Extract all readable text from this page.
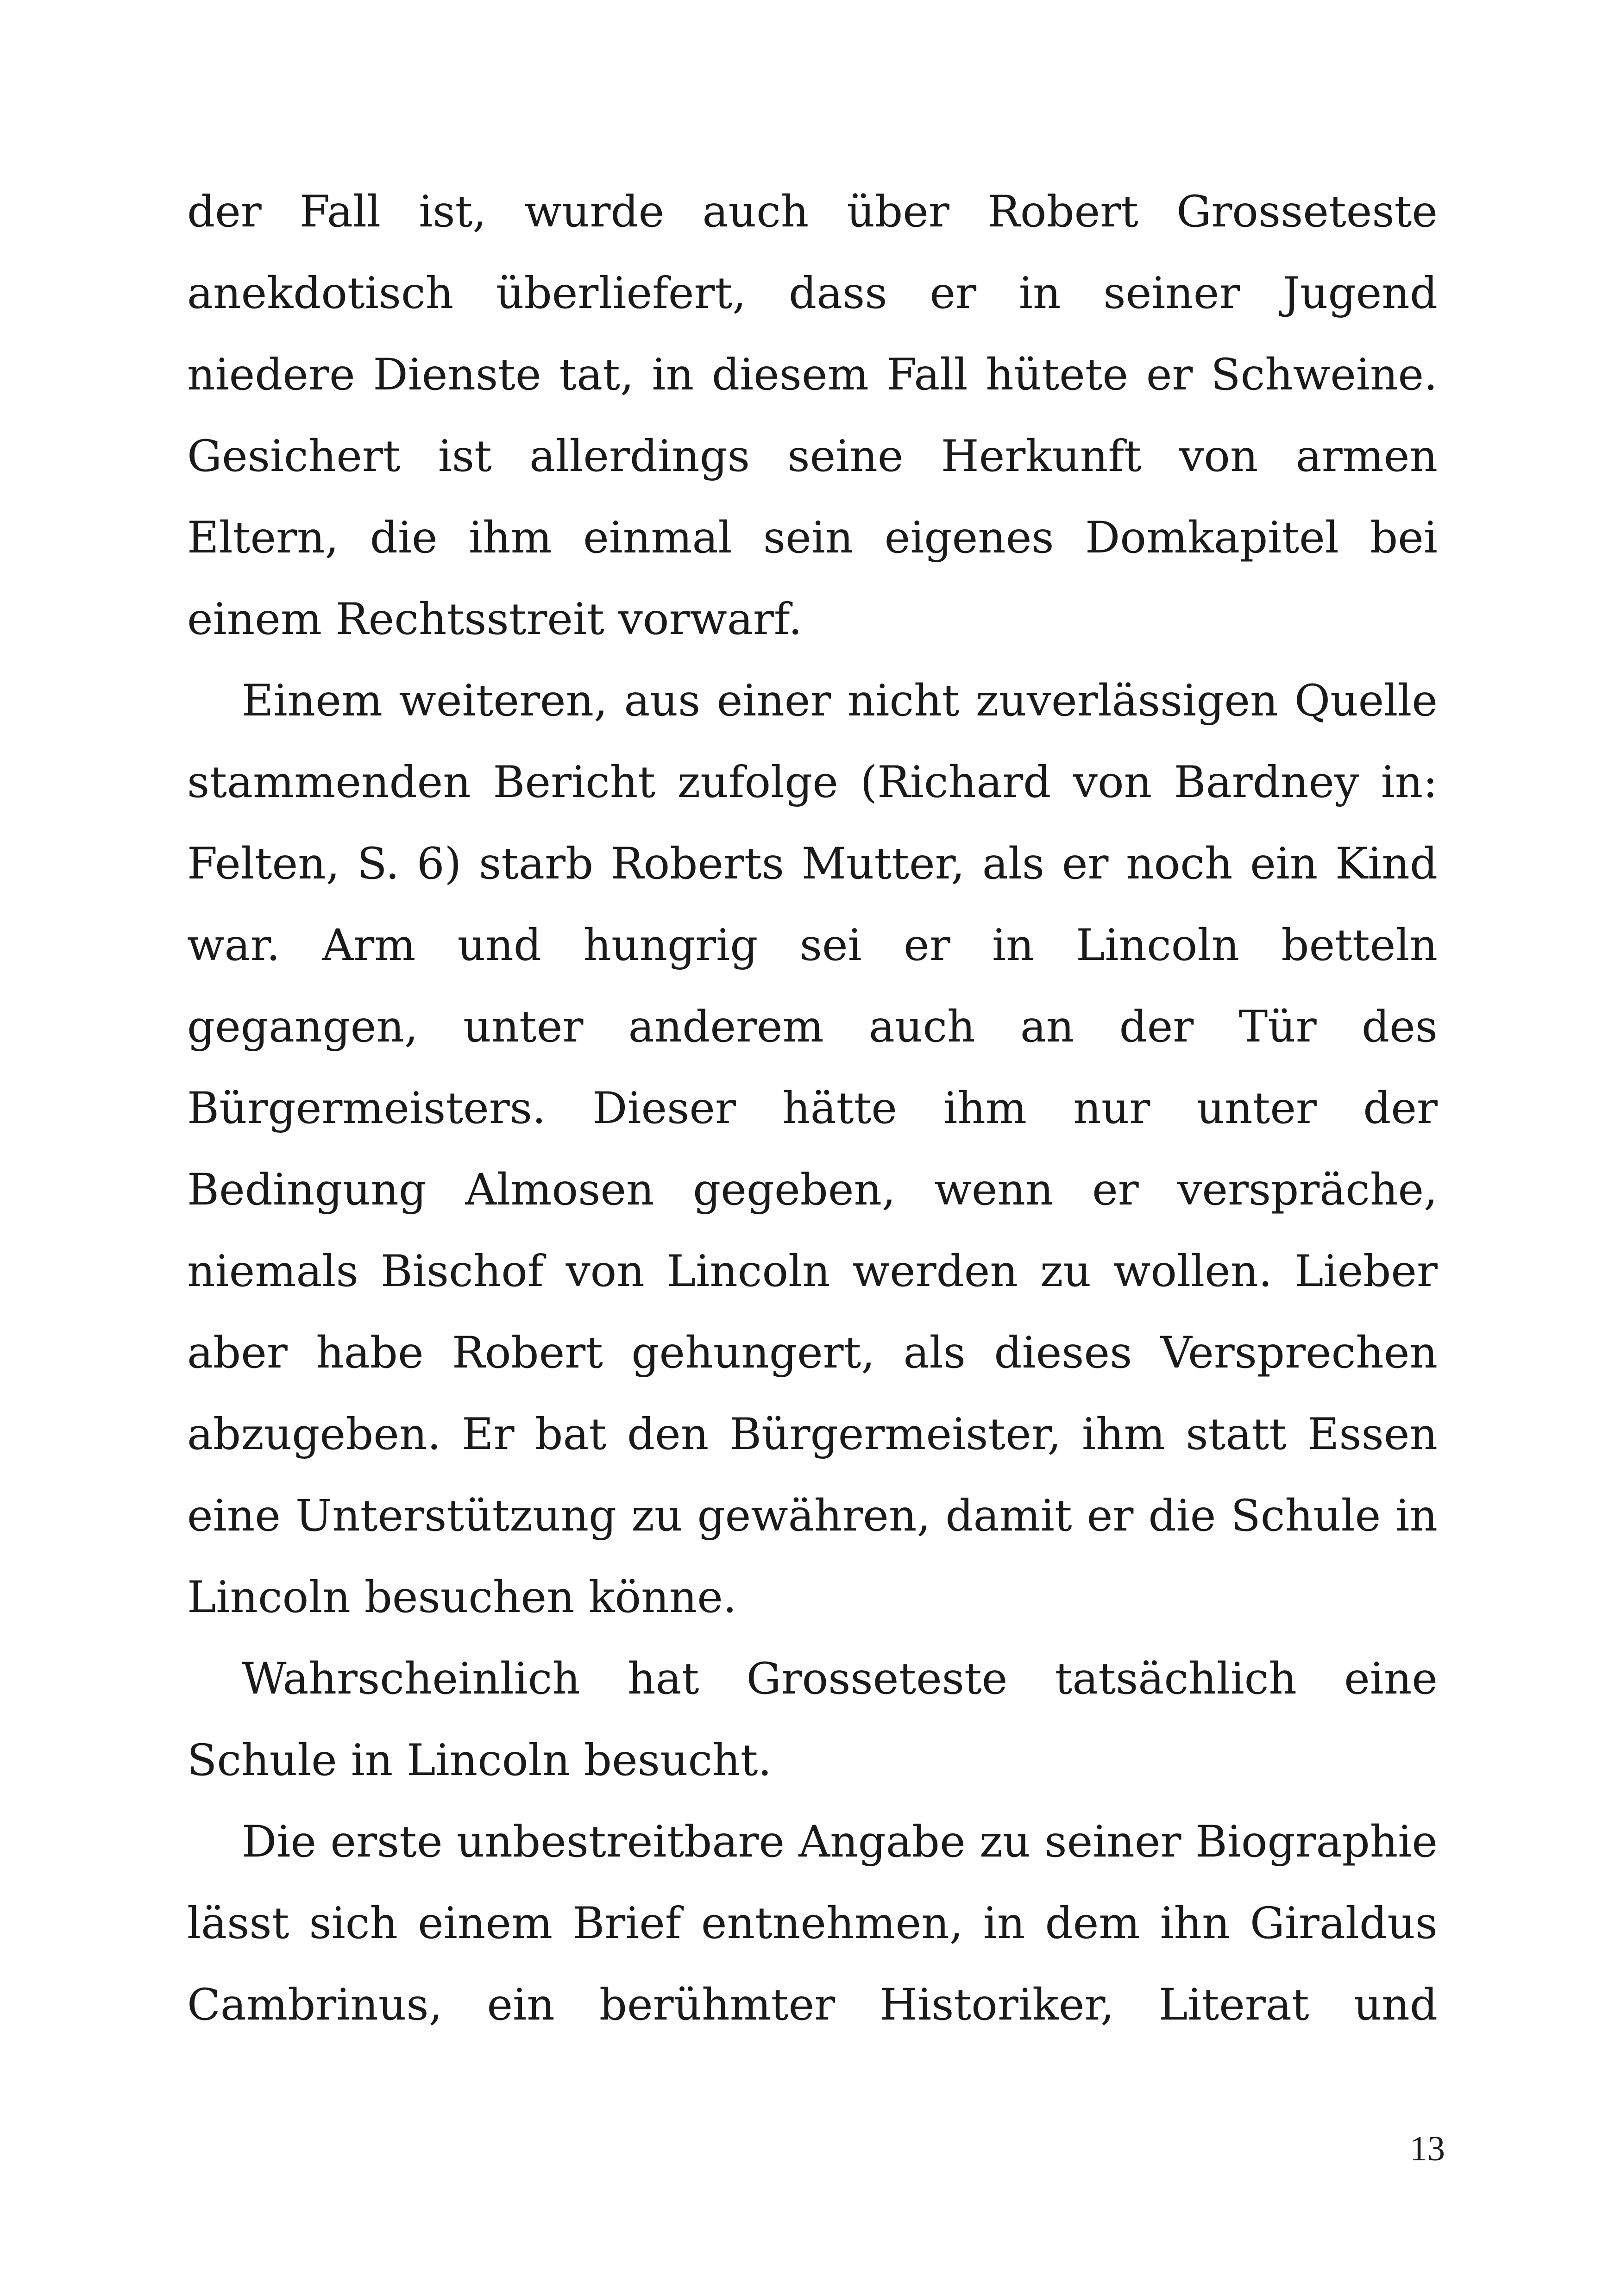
der Fall ist, wurde auch über Robert Grosseteste
anekdotisch überliefert, dass er in seiner Jugend
niedere Dienste tat, in diesem Fall hütete er Schweine.
Gesichert ist allerdings seine Herkunft von armen
Eltern, die ihm einmal sein eigenes Domkapitel bei
einem Rechtsstreit vorwarf.
Einem weiteren, aus einer nicht zuverlässigen Quelle
stammenden Bericht zufolge (Richard von Bardney in:
Felten, S. 6) starb Roberts Mutter, als er noch ein Kind
war. Arm und hungrig sei er in Lincoln betteln
gegangen, unter anderem auch an der Tür des
Bürgermeisters. Dieser hätte ihm nur unter der
Bedingung Almosen gegeben, wenn er verspräche,
niemals Bischof von Lincoln werden zu wollen. Lieber
aber habe Robert gehungert, als dieses Versprechen
abzugeben. Er bat den Bürgermeister, ihm statt Essen
eine Unterstützung zu gewähren, damit er die Schule in
Lincoln besuchen könne.
Wahrscheinlich hat Grosseteste tatsächlich eine
Schule in Lincoln besucht.
Die erste unbestreitbare Angabe zu seiner Biographie
lässt sich einem Brief entnehmen, in dem ihn Giraldus
Cambrinus, ein berühmter Historiker, Literat und
13
